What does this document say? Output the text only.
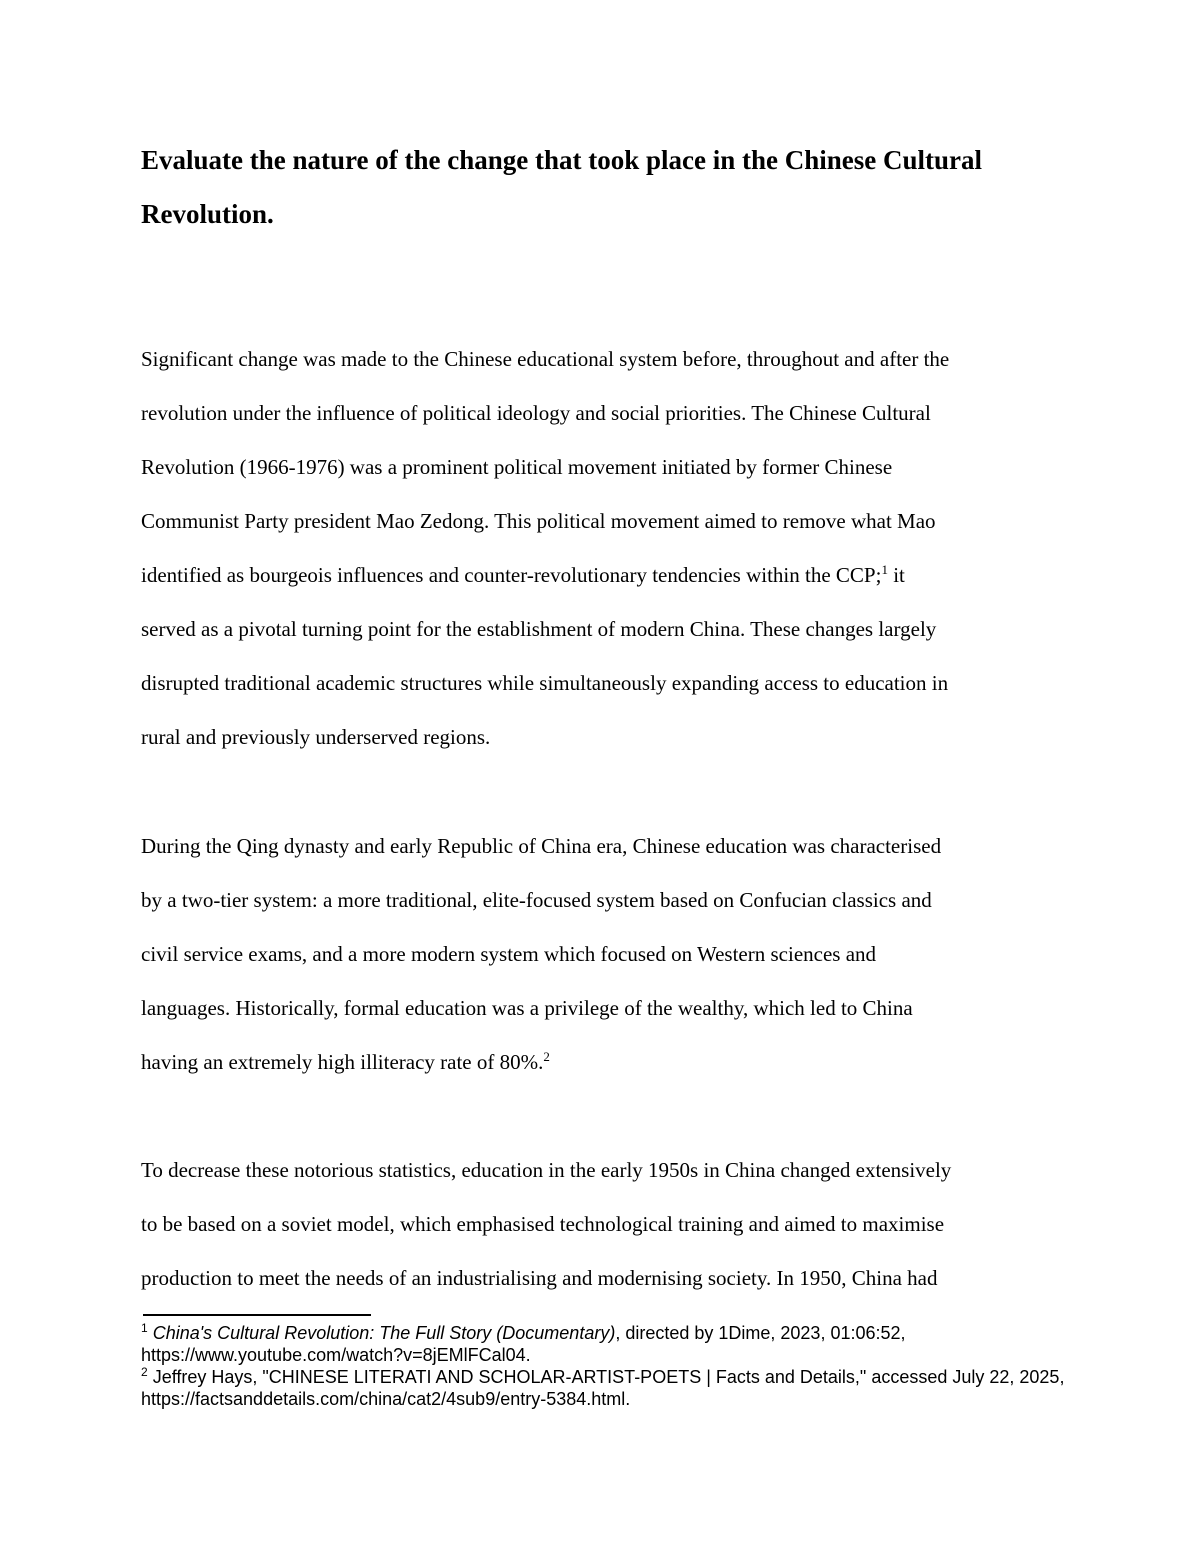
Evaluate the nature of the change that took place in the Chinese Cultural Revolution.
Significant change was made to the Chinese educational system before, throughout and after the
revolution under the influence of political ideology and social priorities. The Chinese Cultural
Revolution (1966-1976) was a prominent political movement initiated by former Chinese
Communist Party president Mao Zedong. This political movement aimed to remove what Mao
identified as bourgeois influences and counter-revolutionary tendencies within the CCP;$^1$ it
served as a pivotal turning point for the establishment of modern China. These changes largely
disrupted traditional academic structures while simultaneously expanding access to education in
rural and previously underserved regions.
During the Qing dynasty and early Republic of China era, Chinese education was characterised
by a two-tier system: a more traditional, elite-focused system based on Confucian classics and
civil service exams, and a more modern system which focused on Western sciences and
languages. Historically, formal education was a privilege of the wealthy, which led to China
having an extremely high illiteracy rate of 80%.$^2$
To decrease these notorious statistics, education in the early 1950s in China changed extensively
to be based on a soviet model, which emphasised technological training and aimed to maximise
production to meet the needs of an industrialising and modernising society. In 1950, China had

$^1$ China's Cultural Revolution: The Full Story (Documentary), directed by 1Dime, 2023, 01:06:52, https://www.youtube.com/watch?v=8jEMlFCal04.

$^2$ Jeffrey Hays, "CHINESE LITERATI AND SCHOLAR-ARTIST-POETS | Facts and Details," accessed July 22, 2025, https://factsanddetails.com/china/cat2/4sub9/entry-5384.html.
